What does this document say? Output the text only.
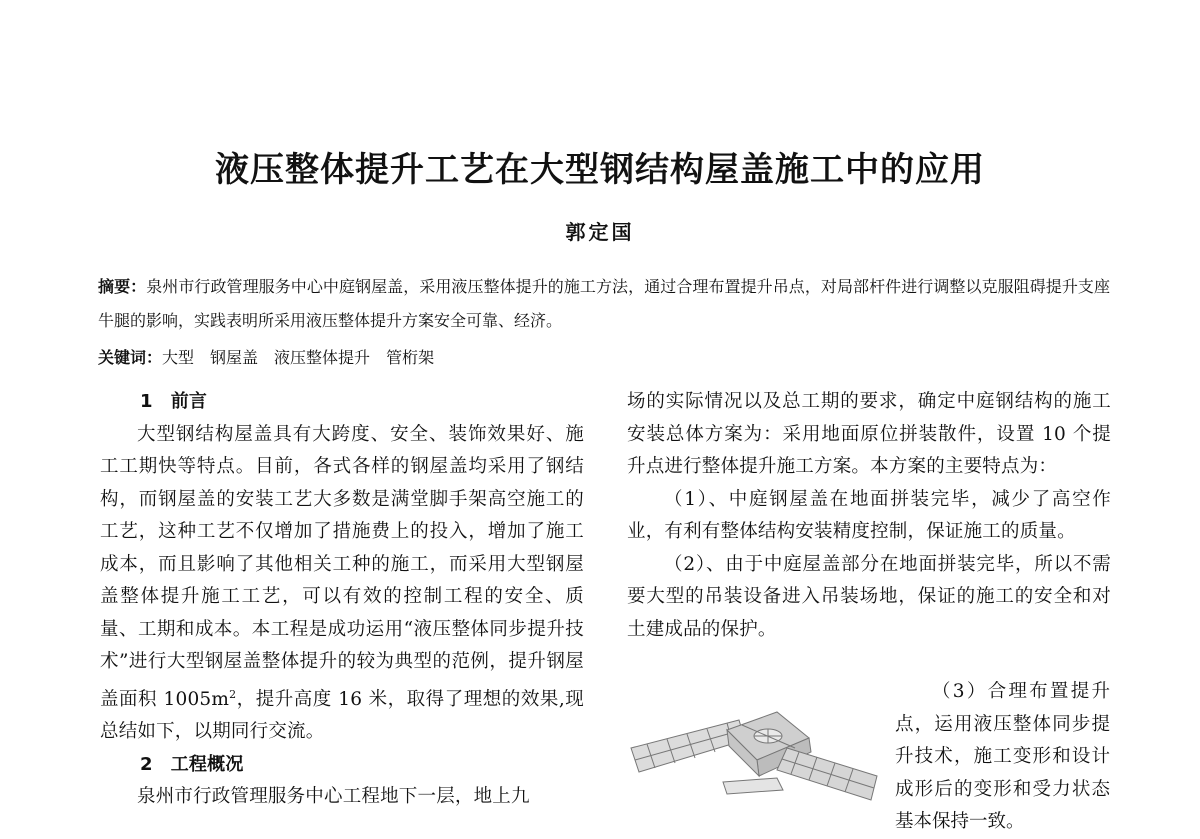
液压整体提升工艺在大型钢结构屋盖施工中的应用
郭定国
摘要：泉州市行政管理服务中心中庭钢屋盖，采用液压整体提升的施工方法，通过合理布置提升吊点，对局部杆件进行调整以克服阻碍提升支座牛腿的影响，实践表明所采用液压整体提升方案安全可靠、经济。
关键词：大型 钢屋盖 液压整体提升 管桁架

1 前言

大型钢结构屋盖具有大跨度、安全、装饰效果好、施工工期快等特点。目前，各式各样的钢屋盖均采用了钢结构，而钢屋盖的安装工艺大多数是满堂脚手架高空施工的工艺，这种工艺不仅增加了措施费上的投入，增加了施工成本，而且影响了其他相关工种的施工，而采用大型钢屋盖整体提升施工工艺，可以有效的控制工程的安全、质量、工期和成本。本工程是成功运用“液压整体同步提升技术”进行大型钢屋盖整体提升的较为典型的范例，提升钢屋盖面积 $1005m^2$，提升高度 16 米，取得了理想的效果,现总结如下，以期同行交流。

2 工程概况

泉州市行政管理服务中心工程地下一层，地上九

场的实际情况以及总工期的要求，确定中庭钢结构的施工安装总体方案为：采用地面原位拼装散件，设置 10 个提升点进行整体提升施工方案。本方案的主要特点为：

（1）、中庭钢屋盖在地面拼装完毕，减少了高空作业，有利有整体结构安装精度控制，保证施工的质量。

（2）、由于中庭屋盖部分在地面拼装完毕，所以不需要大型的吊装设备进入吊装场地，保证的施工的安全和对土建成品的保护。

（3）合理布置提升点，运用液压整体同步提升技术，施工变形和设计成形后的变形和受力状态基本保持一致。
